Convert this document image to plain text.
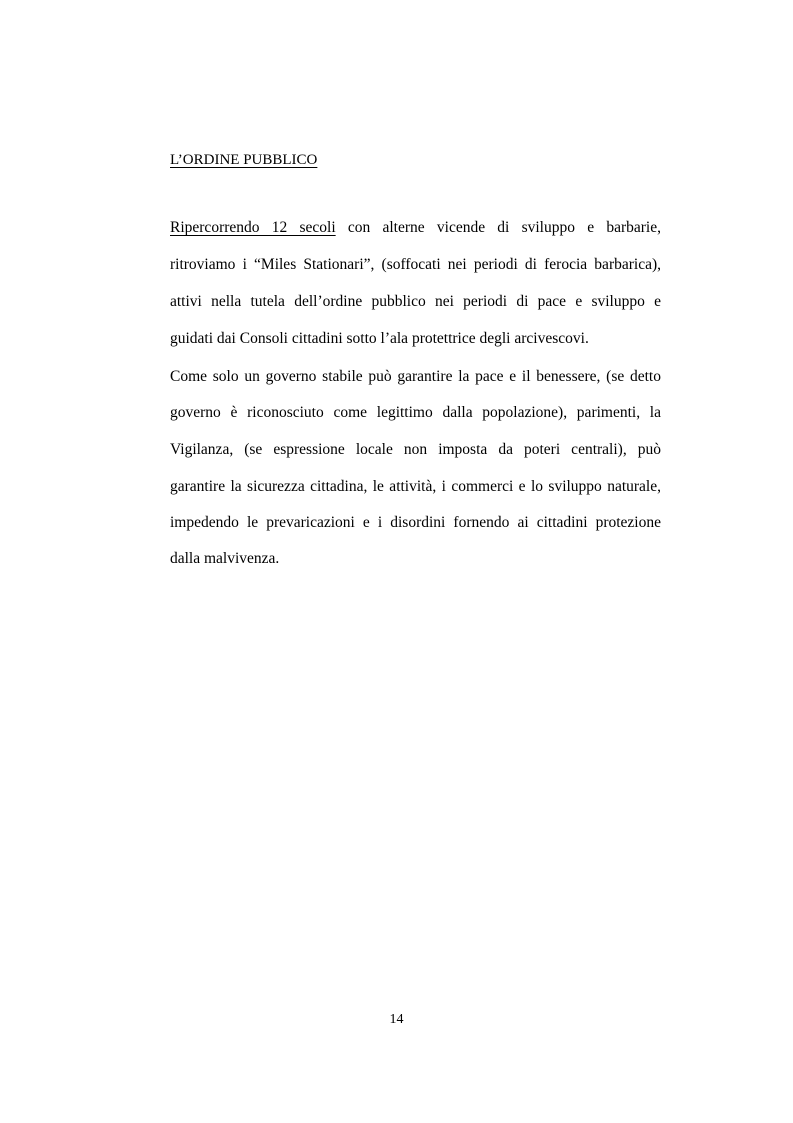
L’ORDINE PUBBLICO

Ripercorrendo 12 secoli con alterne vicende di sviluppo e barbarie,

ritroviamo i “Miles Stationari”, (soffocati nei periodi di ferocia barbarica),

attivi nella tutela dell’ordine pubblico nei periodi di pace e sviluppo e

guidati dai Consoli cittadini sotto l’ala protettrice degli arcivescovi.

Come solo un governo stabile può garantire la pace e il benessere, (se detto

governo è riconosciuto come legittimo dalla popolazione), parimenti, la

Vigilanza, (se espressione locale non imposta da poteri centrali), può

garantire la sicurezza cittadina, le attività, i commerci e lo sviluppo naturale,

impedendo le prevaricazioni e i disordini fornendo ai cittadini protezione

dalla malvivenza.

14
